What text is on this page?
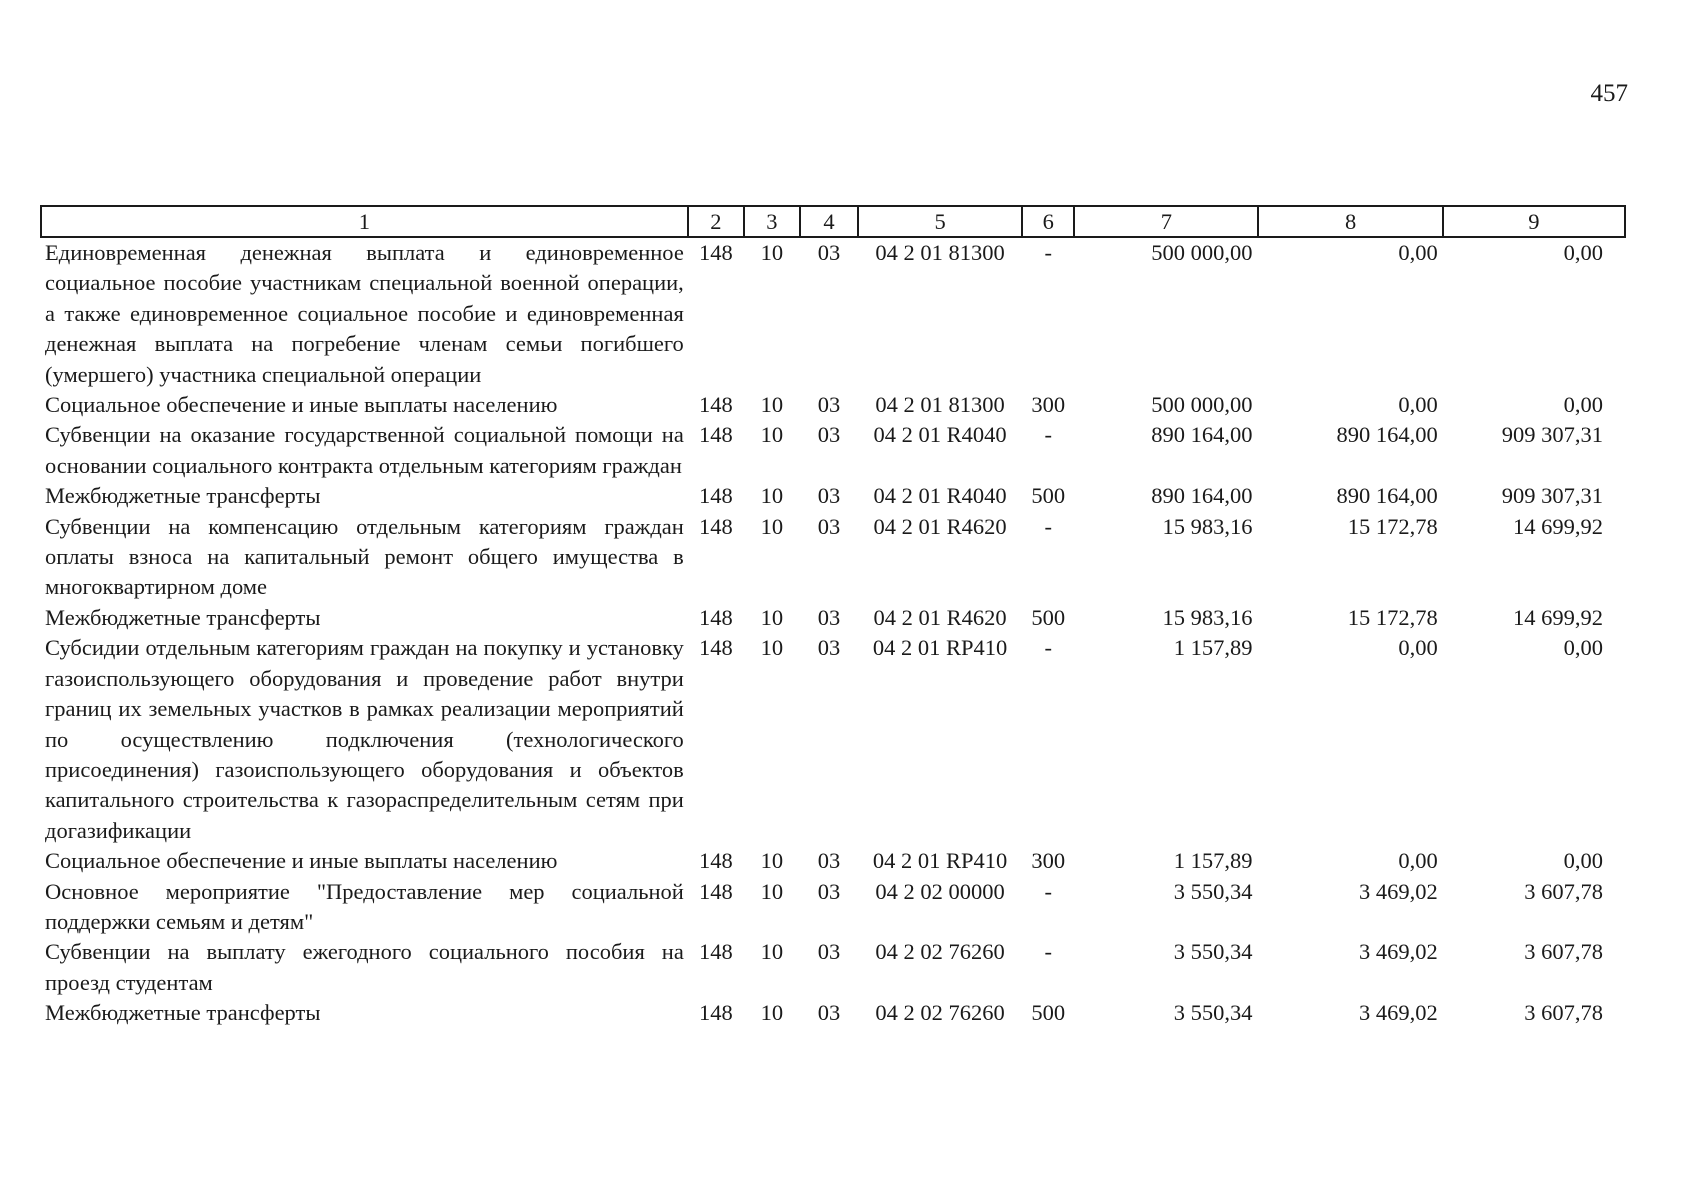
457
1	2	3	4	5	6	7	8	9
Единовременная денежная выплата и единовременное социальное пособие участникам специальной военной операции, а также единовременное социальное пособие и единовременная денежная выплата на погребение членам семьи погибшего (умершего) участника специальной операции	148	10	03	04 2 01 81300	-	500 000,00	0,00	0,00
Социальное обеспечение и иные выплаты населению	148	10	03	04 2 01 81300	300	500 000,00	0,00	0,00
Субвенции на оказание государственной социальной помощи на основании социального контракта отдельным категориям граждан	148	10	03	04 2 01 R4040	-	890 164,00	890 164,00	909 307,31
Межбюджетные трансферты	148	10	03	04 2 01 R4040	500	890 164,00	890 164,00	909 307,31
Субвенции на компенсацию отдельным категориям граждан оплаты взноса на капитальный ремонт общего имущества в многоквартирном доме	148	10	03	04 2 01 R4620	-	15 983,16	15 172,78	14 699,92
Межбюджетные трансферты	148	10	03	04 2 01 R4620	500	15 983,16	15 172,78	14 699,92
Субсидии отдельным категориям граждан на покупку и установку газоиспользующего оборудования и проведение работ внутри границ их земельных участков в рамках реализации мероприятий по осуществлению подключения (технологического присоединения) газоиспользующего оборудования и объектов капитального строительства к газораспределительным сетям при догазификации	148	10	03	04 2 01 RP410	-	1 157,89	0,00	0,00
Социальное обеспечение и иные выплаты населению	148	10	03	04 2 01 RP410	300	1 157,89	0,00	0,00
Основное мероприятие "Предоставление мер социальной поддержки семьям и детям"	148	10	03	04 2 02 00000	-	3 550,34	3 469,02	3 607,78
Субвенции на выплату ежегодного социального пособия на проезд студентам	148	10	03	04 2 02 76260	-	3 550,34	3 469,02	3 607,78
Межбюджетные трансферты	148	10	03	04 2 02 76260	500	3 550,34	3 469,02	3 607,78
